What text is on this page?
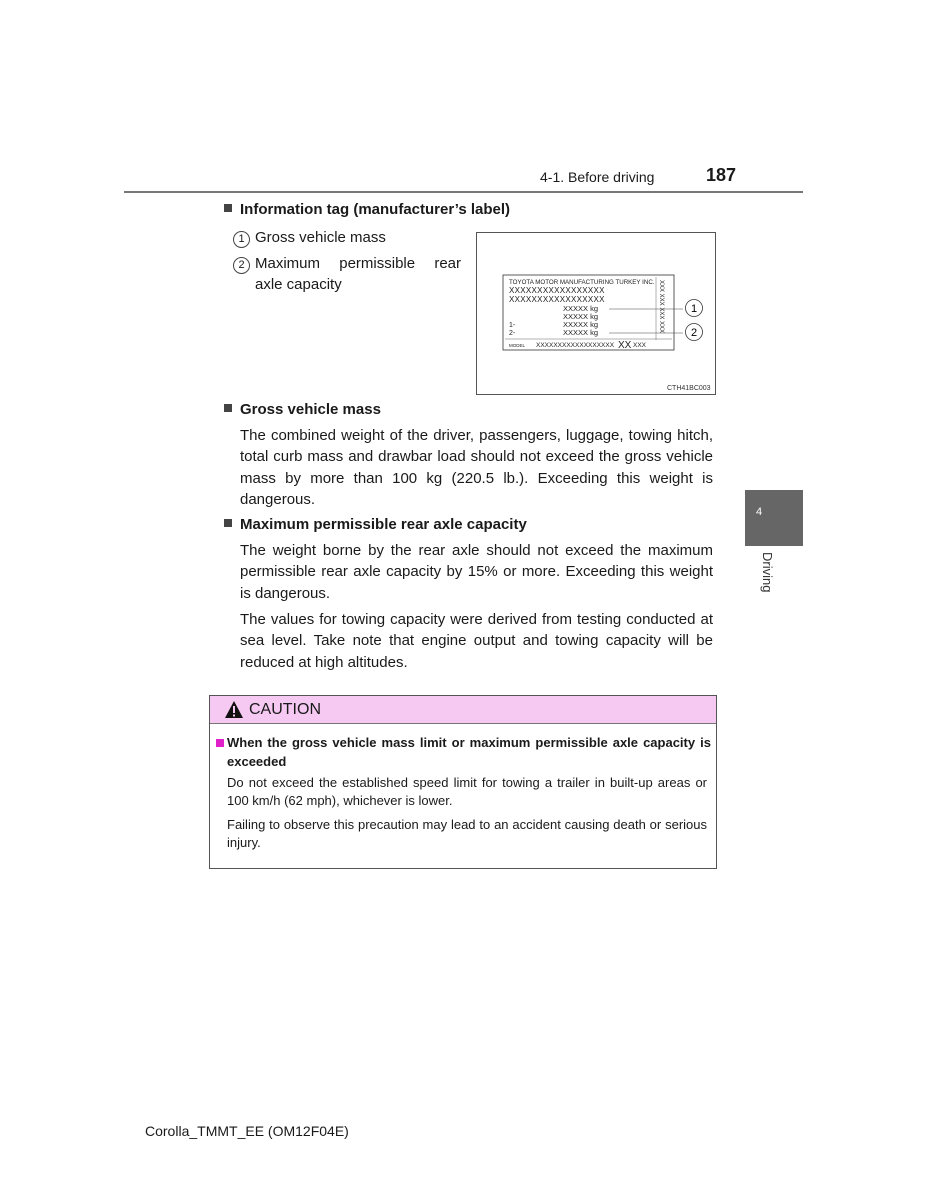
4-1. Before driving	187
4
Driving
Information tag (manufacturer’s label)
1 Gross vehicle mass
2 Maximum permissible rear axle capacity	TOYOTA MOTOR MANUFACTURING TURKEY INC.
XXXXXXXXXXXXXXXXX
XXXXXXXXXXXXXXXXX
XXXXX kg
XXXXX kg
1-	XXXXX kg
2-	XXXXX kg
MODEL XXXXXXXXXXXXXXXXXX XX XXX
XXX XXX XXX XXX 1
2
CTH41BC003
Gross vehicle mass
The combined weight of the driver, passengers, luggage, towing hitch, total curb mass and drawbar load should not exceed the gross vehicle mass by more than 100 kg (220.5 lb.). Exceeding this weight is dangerous.
Maximum permissible rear axle capacity
The weight borne by the rear axle should not exceed the maximum permissible rear axle capacity by 15% or more. Exceeding this weight is dangerous.
The values for towing capacity were derived from testing conducted at sea level. Take note that engine output and towing capacity will be reduced at high altitudes.
CAUTION
When the gross vehicle mass limit or maximum permissible axle capacity is exceeded
Do not exceed the established speed limit for towing a trailer in built-up areas or 100 km/h (62 mph), whichever is lower.
Failing to observe this precaution may lead to an accident causing death or serious injury.
Corolla_TMMT_EE (OM12F04E)
